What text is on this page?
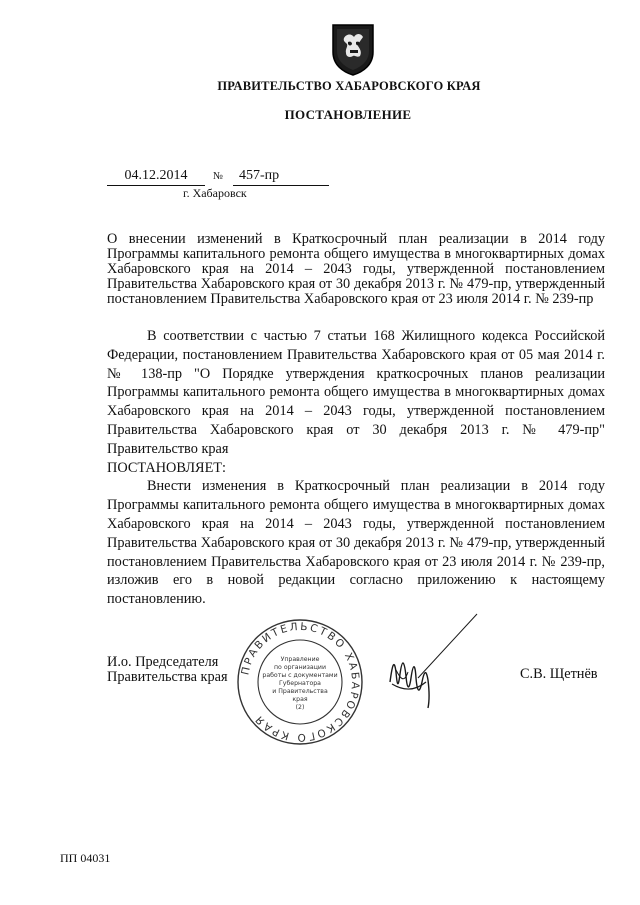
ПРАВИТЕЛЬСТВО ХАБАРОВСКОГО КРАЯ
ПОСТАНОВЛЕНИЕ
04.12.2014	№	457-пр
г. Хабаровск
О внесении изменений в Краткосрочный план реализации в 2014 году Программы капитального ремонта общего имущества в многоквартирных домах Хабаровского края на 2014 – 2043 годы, утвержденной постановлением Правительства Хабаровского края от 30 декабря 2013 г. № 479-пр, утвержденный постановлением Правительства Хабаровского края от 23 июля 2014 г. № 239-пр

В соответствии с частью 7 статьи 168 Жилищного кодекса Российской Федерации, постановлением Правительства Хабаровского края от 05 мая 2014 г. № 138-пр "О Порядке утверждения краткосрочных планов реализации Программы капитального ремонта общего имущества в многоквартирных домах Хабаровского края на 2014 – 2043 годы, утвержденной постановлением Правительства Хабаровского края от 30 декабря 2013 г. № 479-пр" Правительство края

ПОСТАНОВЛЯЕТ:

Внести изменения в Краткосрочный план реализации в 2014 году Программы капитального ремонта общего имущества в многоквартирных домах Хабаровского края на 2014 – 2043 годы, утвержденной постановлением Правительства Хабаровского края от 30 декабря 2013 г. № 479-пр, утвержденный постановлением Правительства Хабаровского края от 23 июля 2014 г. № 239-пр, изложив его в новой редакции согласно приложению к настоящему постановлению.

И.о. Председателя
Правительства края ПРАВИТЕЛЬСТВО ХАБАРОВСКОГО КРАЯ
Управление
по организации
работы с документами
Губернатора
и Правительства
края
(2)
С.В. Щетнёв
ПП 04031
